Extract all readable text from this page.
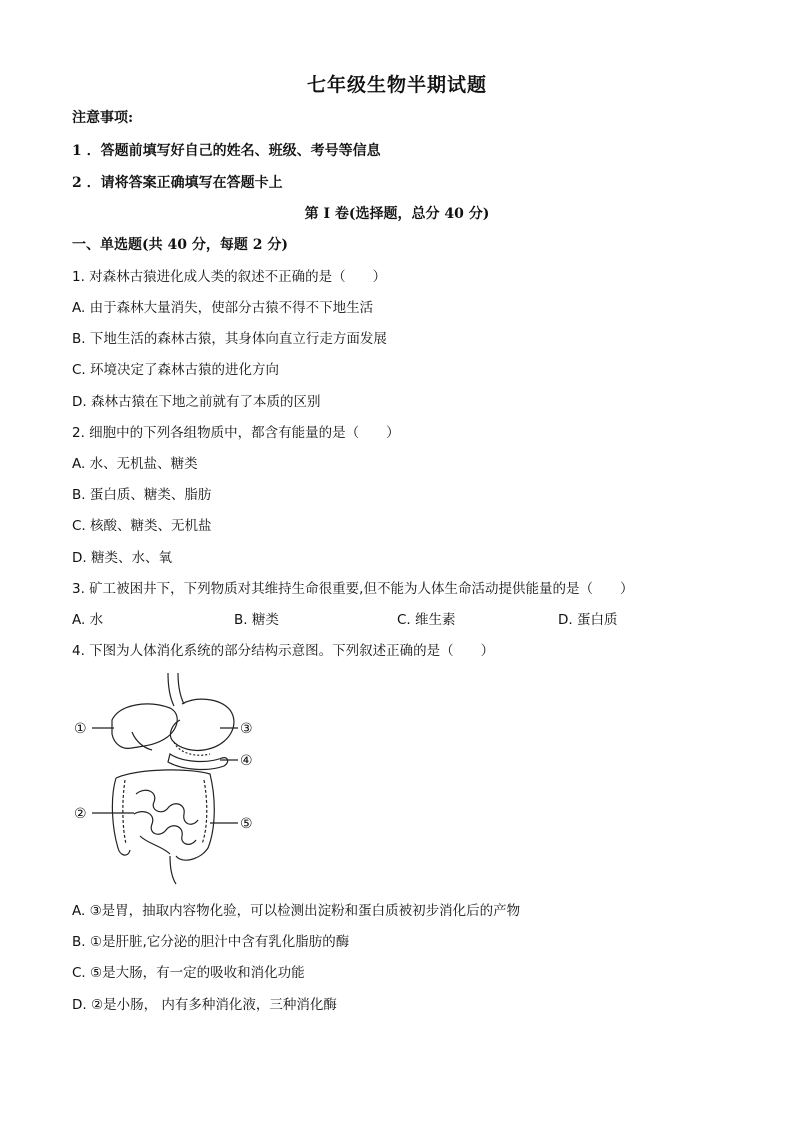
七年级生物半期试题
注意事项:
1 ．答题前填写好自己的姓名、班级、考号等信息
2 ．请将答案正确填写在答题卡上
第 I 卷(选择题，总分 40 分)
一、单选题(共 40 分，每题 2 分)
1. 对森林古猿进化成人类的叙述不正确的是（　　）
A. 由于森林大量消失，使部分古猿不得不下地生活
B. 下地生活的森林古猿，其身体向直立行走方面发展
C. 环境决定了森林古猿的进化方向
D. 森林古猿在下地之前就有了本质的区别
2. 细胞中的下列各组物质中，都含有能量的是（　　）
A. 水、无机盐、糖类
B. 蛋白质、糖类、脂肪
C. 核酸、糖类、无机盐
D. 糖类、水、氧
3. 矿工被困井下，下列物质对其维持生命很重要,但不能为人体生命活动提供能量的是（　　）
A. 水	B. 糖类	C. 维生素	D. 蛋白质
4. 下图为人体消化系统的部分结构示意图。下列叙述正确的是（　　）
①
②
③
④
⑤
A. ③是胃，抽取内容物化验，可以检测出淀粉和蛋白质被初步消化后的产物
B. ①是肝脏,它分泌的胆汁中含有乳化脂肪的酶
C. ⑤是大肠，有一定的吸收和消化功能
D. ②是小肠， 内有多种消化液，三种消化酶
